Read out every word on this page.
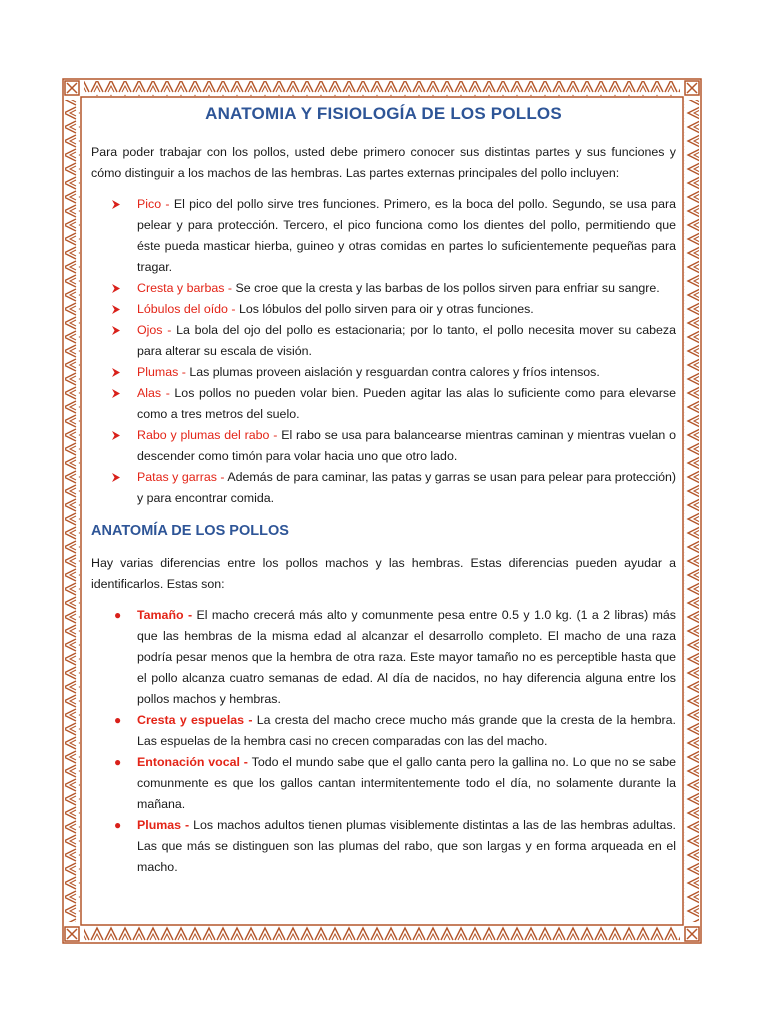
ANATOMIA Y FISIOLOGÍA DE LOS POLLOS

Para poder trabajar con los pollos, usted debe primero conocer sus distintas partes y sus funciones y cómo distinguir a los machos de las hembras. Las partes externas principales del pollo incluyen:

Pico - El pico del pollo sirve tres funciones. Primero, es la boca del pollo. Segundo, se usa para pelear y para protección. Tercero, el pico funciona como los dientes del pollo, permitiendo que éste pueda masticar hierba, guineo y otras comidas en partes lo suficientemente pequeñas para tragar.
Cresta y barbas - Se croe que la cresta y las barbas de los pollos sirven para enfriar su sangre.
Lóbulos del oído - Los lóbulos del pollo sirven para oir y otras funciones.
Ojos - La bola del ojo del pollo es estacionaria; por lo tanto, el pollo necesita mover su cabeza para alterar su escala de visión.
Plumas - Las plumas proveen aislación y resguardan contra calores y fríos intensos.
Alas - Los pollos no pueden volar bien. Pueden agitar las alas lo suficiente como para elevarse como a tres metros del suelo.
Rabo y plumas del rabo - El rabo se usa para balancearse mientras caminan y mientras vuelan o descender como timón para volar hacia uno que otro lado.
Patas y garras - Además de para caminar, las patas y garras se usan para pelear para protección) y para encontrar comida.
ANATOMÍA DE LOS POLLOS

Hay varias diferencias entre los pollos machos y las hembras. Estas diferencias pueden ayudar a identificarlos. Estas son:

● Tamaño - El macho crecerá más alto y comunmente pesa entre 0.5 y 1.0 kg. (1 a 2 libras) más que las hembras de la misma edad al alcanzar el desarrollo completo. El macho de una raza podría pesar menos que la hembra de otra raza. Este mayor tamaño no es perceptible hasta que el pollo alcanza cuatro semanas de edad. Al día de nacidos, no hay diferencia alguna entre los pollos machos y hembras.
● Cresta y espuelas - La cresta del macho crece mucho más grande que la cresta de la hembra. Las espuelas de la hembra casi no crecen comparadas con las del macho.
● Entonación vocal - Todo el mundo sabe que el gallo canta pero la gallina no. Lo que no se sabe comunmente es que los gallos cantan intermitentemente todo el día, no solamente durante la mañana.
● Plumas - Los machos adultos tienen plumas visiblemente distintas a las de las hembras adultas. Las que más se distinguen son las plumas del rabo, que son largas y en forma arqueada en el macho.
